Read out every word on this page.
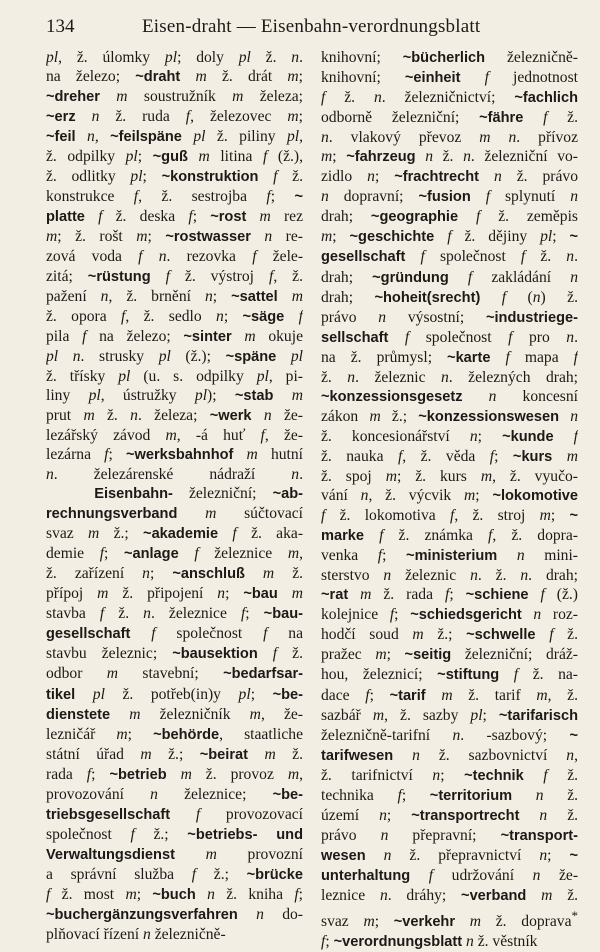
134	Eisen-draht — Eisenbahn-verordnungsblatt
pl, ž. úlomky pl; doly pl ž. n.
na železo; ~draht m ž. drát m;
~dreher m soustružník m železa;
~erz n ž. ruda f, železovec m;
~feil n, ~feilspäne pl ž. piliny pl,
ž. odpilky pl; ~guß m litina f (ž.),
ž. odlitky pl; ~konstruktion f ž.
konstrukce f, ž. sestrojba f; ~
platte f ž. deska f; ~rost m rez
m; ž. rošt m; ~rostwasser n re-
zová voda f n. rezovka f žele-
zitá; ~rüstung f ž. výstroj f, ž.
pažení n, ž. brnění n; ~sattel m
ž. opora f, ž. sedlo n; ~säge f
pila f na železo; ~sinter m okuje
pl n. strusky pl (ž.); ~späne pl
ž. třísky pl (u. s. odpilky pl, pi-
liny pl, ústružky pl); ~stab m
prut m ž. n. železa; ~werk n že-
lezářský závod m, -á huť f, že-
lezárna f; ~werksbahnhof m hutní
n. železárenské nádraží n.
Eisenbahn- železniční; ~ab-
rechnungsverband m súčtovací
svaz m ž.; ~akademie f ž. aka-
demie f; ~anlage f železnice m,
ž. zařízení n; ~anschluß m ž.
přípoj m ž. připojení n; ~bau m
stavba f ž. n. železnice f; ~bau-
gesellschaft f společnost f na
stavbu železnic; ~bausektion f ž.
odbor m stavební; ~bedarfsar-
tikel pl ž. potřeb(in)y pl; ~be-
dienstete m železničník m, že-
lezničář m; ~behörde, staatliche
státní úřad m ž.; ~beirat m ž.
rada f; ~betrieb m ž. provoz m,
provozování n železnice; ~be-
triebsgesellschaft f provozovací
společnost f ž.; ~betriebs- und
Verwaltungsdienst m provozní
a správní služba f ž.; ~brücke
f ž. most m; ~buch n ž. kniha f;
~buchergänzungsverfahren n do-
plňovací řízení n železničně-
knihovní; ~bücherlich železničně-
knihovní; ~einheit f jednotnost
f ž. n. železničnictví; ~fachlich
odborně železniční; ~fähre f ž.
n. vlakový převoz m n. přívoz
m; ~fahrzeug n ž. n. železniční vo-
zidlo n; ~frachtrecht n ž. právo
n dopravní; ~fusion f splynutí n
drah; ~geographie f ž. zeměpis
m; ~geschichte f ž. dějiny pl; ~
gesellschaft f společnost f ž. n.
drah; ~gründung f zakládání n
drah; ~hoheit(srecht) f (n) ž.
právo n výsostní; ~industriege-
sellschaft f společnost f pro n.
na ž. průmysl; ~karte f mapa f
ž. n. železnic n. železných drah;
~konzessionsgesetz n koncesní
zákon m ž.; ~konzessionswesen n
ž. koncesionářství n; ~kunde f
ž. nauka f, ž. věda f; ~kurs m
ž. spoj m; ž. kurs m, ž. vyučo-
vání n, ž. výcvik m; ~lokomotive
f ž. lokomotiva f, ž. stroj m; ~
marke f ž. známka f, ž. dopra-
venka f; ~ministerium n mini-
sterstvo n železnic n. ž. n. drah;
~rat m ž. rada f; ~schiene f (ž.)
kolejnice f; ~schiedsgericht n roz-
hodčí soud m ž.; ~schwelle f ž.
pražec m; ~seitig železniční; dráž-
hou, železnicí; ~stiftung f ž. na-
dace f; ~tarif m ž. tarif m, ž.
sazbář m, ž. sazby pl; ~tarifarisch
železničně-tarifní n. -sazbový; ~
tarifwesen n ž. sazbovnictví n,
ž. tarifnictví n; ~technik f ž.
technika f; ~territorium n ž.
území n; ~transportrecht n ž.
právo n přepravní; ~transport-
wesen n ž. přepravnictví n; ~
unterhaltung f udržování n že-
leznice n. dráhy; ~verband m ž.
svaz m; ~verkehr m ž. doprava*
f; ~verordnungsblatt n ž. věstník
